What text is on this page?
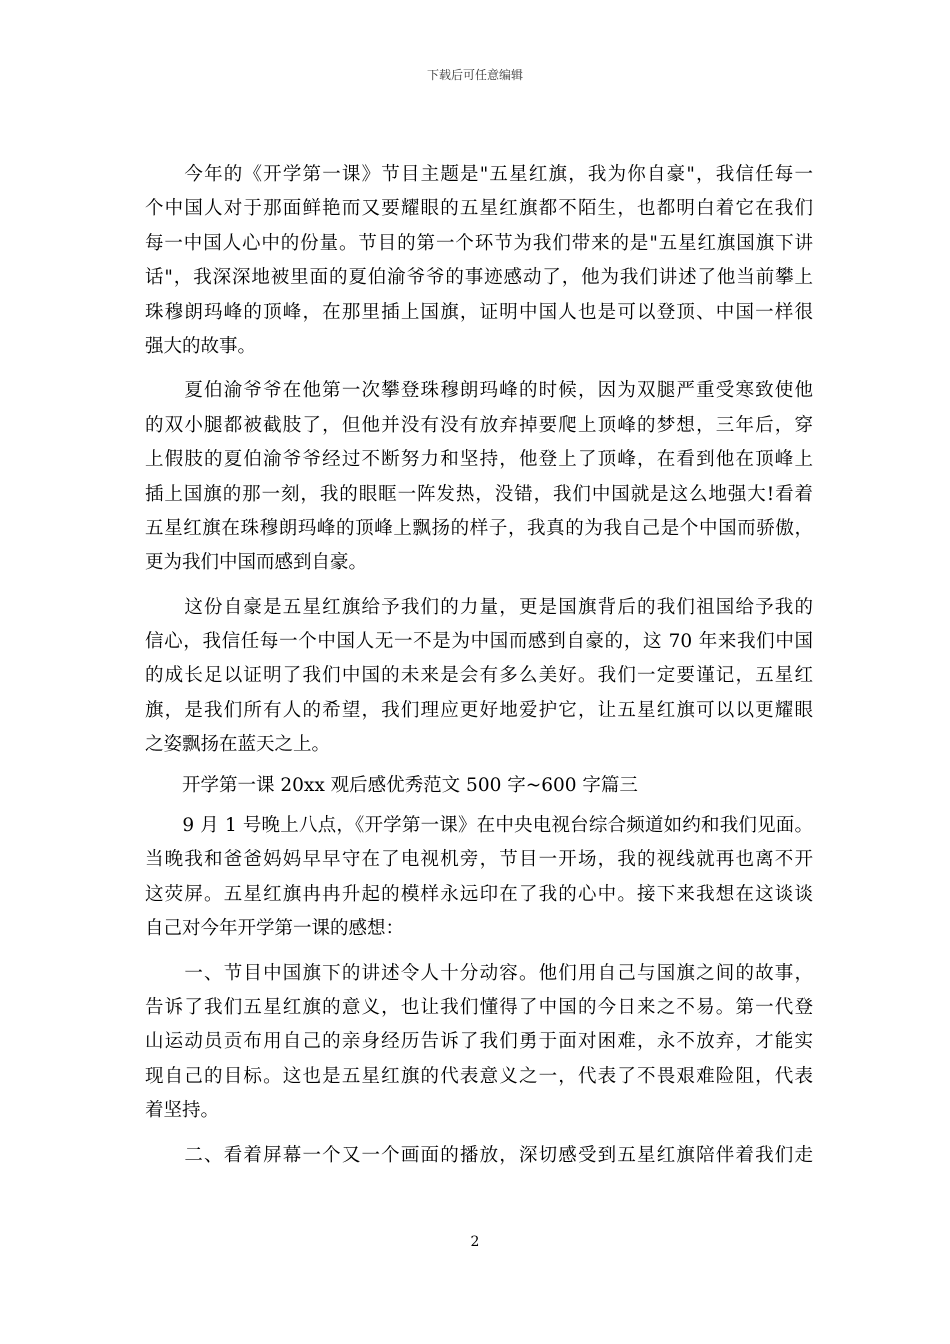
下载后可任意编辑
　　今年的《开学第一课》节目主题是"五星红旗，我为你自豪"，我信任每一
个中国人对于那面鲜艳而又要耀眼的五星红旗都不陌生，也都明白着它在我们
每一中国人心中的份量。节目的第一个环节为我们带来的是"五星红旗国旗下讲
话"，我深深地被里面的夏伯渝爷爷的事迹感动了，他为我们讲述了他当前攀上
珠穆朗玛峰的顶峰，在那里插上国旗，证明中国人也是可以登顶、中国一样很
强大的故事。
　　夏伯渝爷爷在他第一次攀登珠穆朗玛峰的时候，因为双腿严重受寒致使他
的双小腿都被截肢了，但他并没有没有放弃掉要爬上顶峰的梦想，三年后，穿
上假肢的夏伯渝爷爷经过不断努力和坚持，他登上了顶峰，在看到他在顶峰上
插上国旗的那一刻，我的眼眶一阵发热，没错，我们中国就是这么地强大!看着
五星红旗在珠穆朗玛峰的顶峰上飘扬的样子，我真的为我自己是个中国而骄傲，
更为我们中国而感到自豪。
　　这份自豪是五星红旗给予我们的力量，更是国旗背后的我们祖国给予我的
信心，我信任每一个中国人无一不是为中国而感到自豪的，这 70 年来我们中国
的成长足以证明了我们中国的未来是会有多么美好。我们一定要谨记，五星红
旗，是我们所有人的希望，我们理应更好地爱护它，让五星红旗可以以更耀眼
之姿飘扬在蓝天之上。
　　开学第一课 20xx 观后感优秀范文 500 字~600 字篇三
　　9 月 1 号晚上八点，《开学第一课》在中央电视台综合频道如约和我们见面。
当晚我和爸爸妈妈早早守在了电视机旁，节目一开场，我的视线就再也离不开
这荧屏。五星红旗冉冉升起的模样永远印在了我的心中。接下来我想在这谈谈
自己对今年开学第一课的感想：
　　一、节目中国旗下的讲述令人十分动容。他们用自己与国旗之间的故事，
告诉了我们五星红旗的意义，也让我们懂得了中国的今日来之不易。第一代登
山运动员贡布用自己的亲身经历告诉了我们勇于面对困难，永不放弃，才能实
现自己的目标。这也是五星红旗的代表意义之一，代表了不畏艰难险阻，代表
着坚持。
　　二、看着屏幕一个又一个画面的播放，深切感受到五星红旗陪伴着我们走
2
